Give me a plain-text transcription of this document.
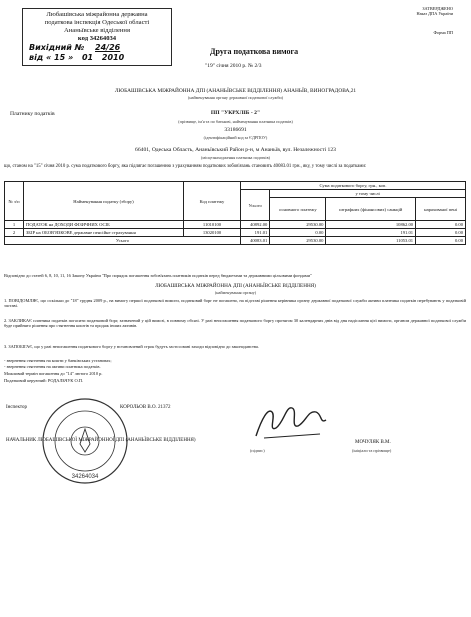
Любашівська міжрайонна державна
податкова інспекція Одеської області
Ананьївське відділення
код 34264034
Вихідний № 24/26
від « 15 » 01 2010
ЗАТВЕРДЖЕНО
Наказ ДПА України
Форма ПП
Друга податкова вимога
"19" січня 2010 р. № 2/3
ЛЮБАШІВСЬКА МІЖРАЙОННА ДПІ (АНАНЬЇВСЬКЕ ВІДДІЛЕННЯ) АНАНЬЇВ, ВИНОГРАДОВА,21
(найменування органу державної податкової служби)
Платнику податків	ПП "УКРХЛІБ - 2"
(прізвище, ім'я та по батькові, найменування платника податків)
33186691
(ідентифікаційний код за ЄДРПОУ)
66401, Одеська Область, Ананьївський Район р-н, м Ананьїв, вул. Незалежності 123
(місцезнаходження платника податків)
що, станом на "15" січня 2010 р. сума податкового боргу, яка підлягає погашенню з урахуванням податкових зобов'язань становить 40083.01 грн., яку, у тому числі за податками:
№ з/п	Найменування податку (збору)	Код платежу	Сума податкового боргу, грн., коп.			
			Усього	у тому числі		
				основного платежу	штрафних (фінансових) санкцій	нарахованої пені
1	ПОДАТОК на ДОХОДИ ФІЗИЧНИХ ОСІБ	11010100	40892.00	29530.00	10862.00	0.00
2	ЗБІР на ОБОВ'ЯЗКОВЕ державне пенсійне страхування	13020100	191.01	0.00	191.01	0.00
Усього			40083.01	29530.00	11053.01	0.00
Відповідно до статей 6, 8, 10, 11, 16 Закону України "Про порядок погашення зобов'язань платників податків перед бюджетами та державними цільовими фондами"
ЛЮБАШІВСЬКА МІЖРАЙОННА ДПІ (АНАНЬЇВСЬКЕ ВІДДІЛЕННЯ)
(найменування органу)
1. ПОВІДОМЛЯЄ, що оскільки до "18" грудня 2009 р., на вимогу першої податкової вимоги, податковий борг не погашено, на підставі рішення керівника органу державної податкової служби активи платника податків перебувають у податковій заставі.
2. ЗАКЛИКАЄ платника податків погасити податковий борг, зазначений у цій вимозі, в повному обсязі. У разі непогашення податкового боргу протягом 30 календарних днів від дня надіслання цієї вимоги, органом державної податкової служби буде прийнято рішення про стягнення коштів та продаж інших активів.
3. ЗАПОБІГАЄ, що у разі непогашення податкового боргу у встановлений строк будуть застосовані заходи відповідно до законодавства.
- звернення стягнення на кошти у банківських установах;
- звернення стягнення на активи платника податків.
Можливий термін погашення до "14" лютого 2010 р.
Податковий керуючий: РОДАЛЬЧУК О.П.
Інспектор	КОРОЛЬОВ В.О. 21372
НАЧАЛЬНИК ЛЮБАШІВСЬКОЇ МІЖРАЙОННОЇ ДПІ (АНАНЬЇВСЬКЕ ВІДДІЛЕННЯ)
(підпис)
МОЧУЛЯК В.М.
(ініціали та прізвище)
34264034
